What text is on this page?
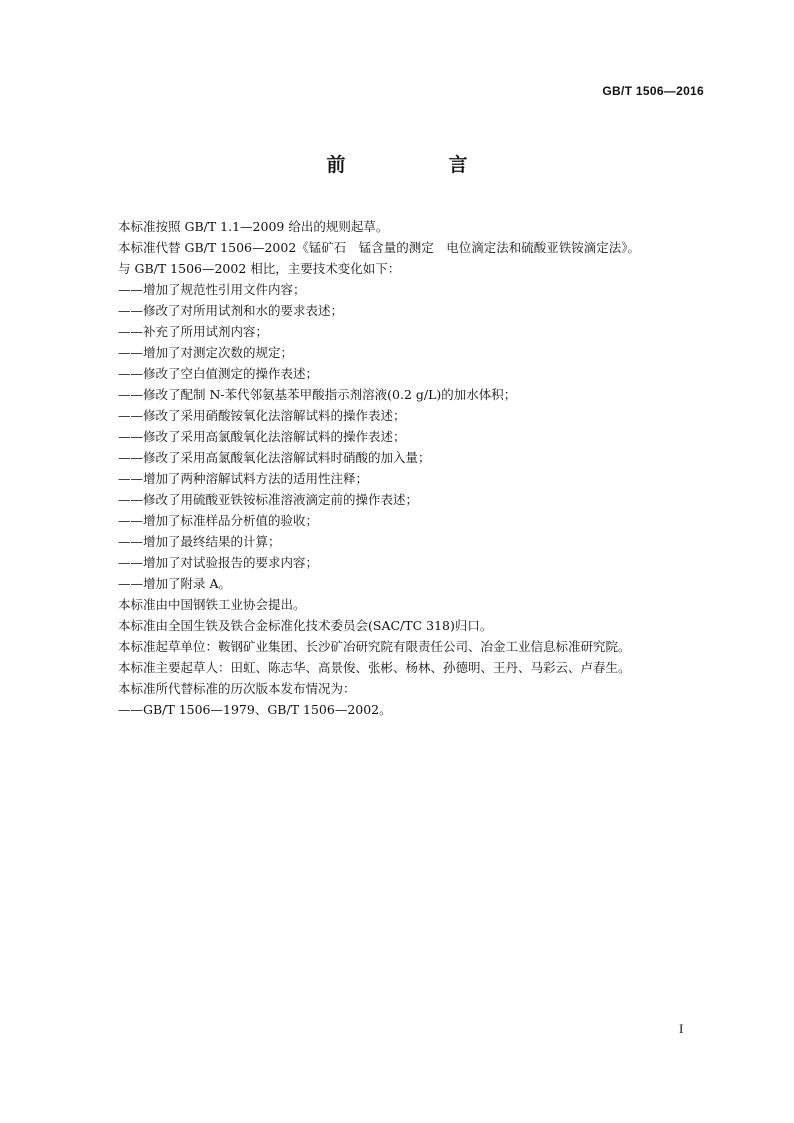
GB/T 1506—2016
前　言

本标准按照 GB/T 1.1—2009 给出的规则起草。

本标准代替 GB/T 1506—2002《锰矿石　锰含量的测定　电位滴定法和硫酸亚铁铵滴定法》。

与 GB/T 1506—2002 相比，主要技术变化如下：

——增加了规范性引用文件内容；

——修改了对所用试剂和水的要求表述；

——补充了所用试剂内容；

——增加了对测定次数的规定；

——修改了空白值测定的操作表述；

——修改了配制 N-苯代邻氨基苯甲酸指示剂溶液(0.2 g/L)的加水体积；

——修改了采用硝酸铵氧化法溶解试料的操作表述；

——修改了采用高氯酸氧化法溶解试料的操作表述；

——修改了采用高氯酸氧化法溶解试料时硝酸的加入量；

——增加了两种溶解试料方法的适用性注释；

——修改了用硫酸亚铁铵标准溶液滴定前的操作表述；

——增加了标准样品分析值的验收；

——增加了最终结果的计算；

——增加了对试验报告的要求内容；

——增加了附录 A。

本标准由中国钢铁工业协会提出。

本标准由全国生铁及铁合金标准化技术委员会(SAC/TC 318)归口。

本标准起草单位：鞍钢矿业集团、长沙矿冶研究院有限责任公司、冶金工业信息标准研究院。

本标准主要起草人：田虹、陈志华、高景俊、张彬、杨林、孙德明、王丹、马彩云、卢春生。

本标准所代替标准的历次版本发布情况为：

——GB/T 1506—1979、GB/T 1506—2002。

I
